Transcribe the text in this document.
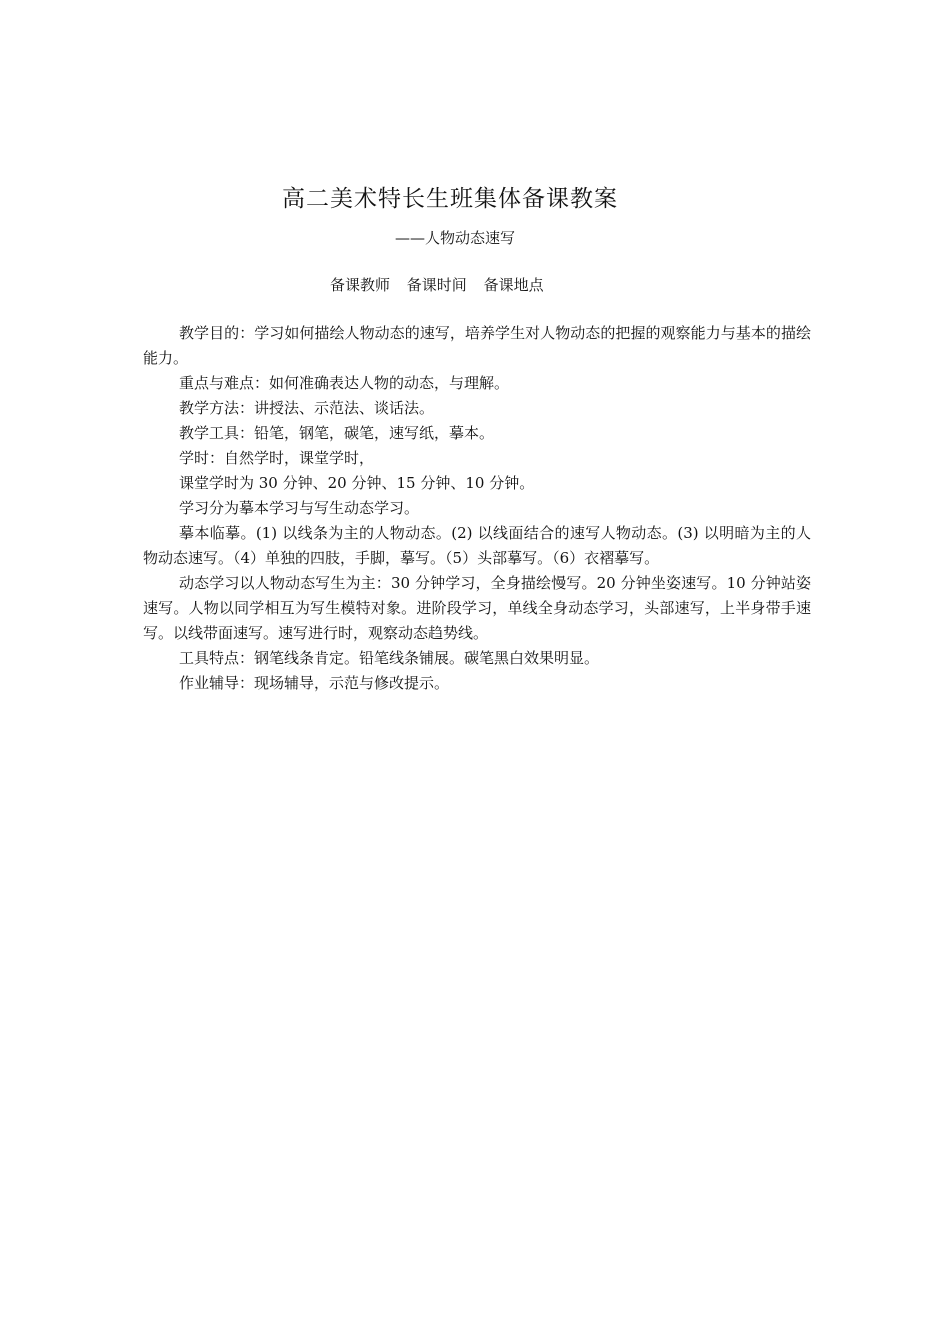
高二美术特长生班集体备课教案

——人物动态速写

备课教师 备课时间 备课地点

教学目的：学习如何描绘人物动态的速写，培养学生对人物动态的把握的观察能力与基本的描绘能力。

重点与难点：如何准确表达人物的动态，与理解。

教学方法：讲授法、示范法、谈话法。

教学工具：铅笔，钢笔，碳笔，速写纸，摹本。

学时：自然学时，课堂学时，

课堂学时为 30 分钟、20 分钟、15 分钟、10 分钟。

学习分为摹本学习与写生动态学习。

摹本临摹。(1) 以线条为主的人物动态。(2) 以线面结合的速写人物动态。(3) 以明暗为主的人物动态速写。（4）单独的四肢，手脚，摹写。（5）头部摹写。（6）衣褶摹写。

动态学习以人物动态写生为主：30 分钟学习，全身描绘慢写。20 分钟坐姿速写。10 分钟站姿速写。人物以同学相互为写生模特对象。进阶段学习，单线全身动态学习，头部速写，上半身带手速写。以线带面速写。速写进行时，观察动态趋势线。

工具特点：钢笔线条肯定。铅笔线条铺展。碳笔黑白效果明显。

作业辅导：现场辅导，示范与修改提示。
